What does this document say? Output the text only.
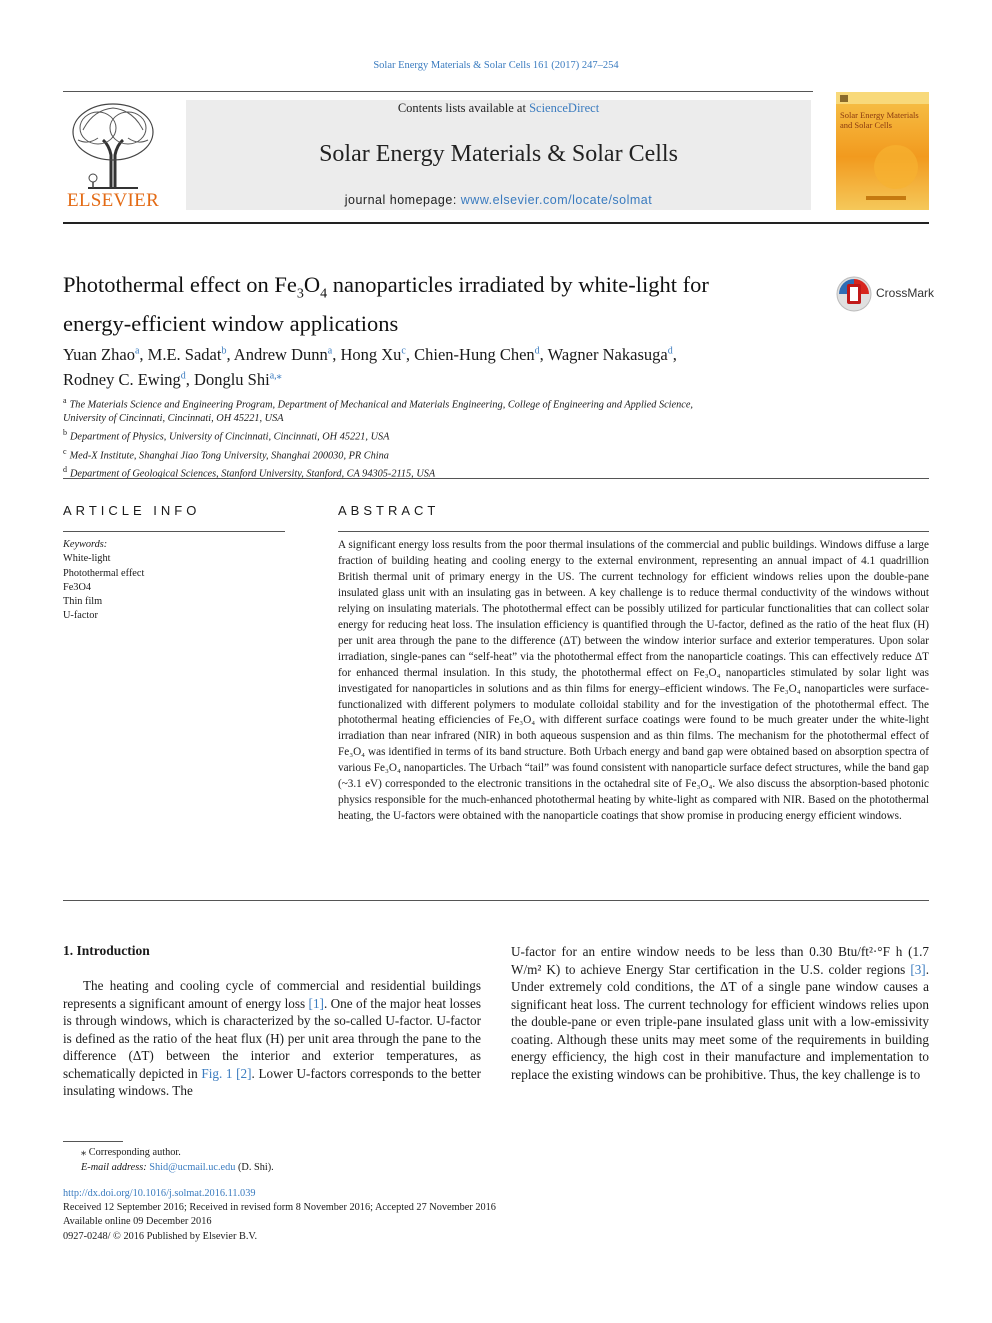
Solar Energy Materials & Solar Cells 161 (2017) 247–254
ELSEVIER
Contents lists available at ScienceDirect
Solar Energy Materials & Solar Cells
journal homepage: www.elsevier.com/locate/solmat
Solar Energy Materials
and Solar Cells
Photothermal effect on $Fe_3O_4$ nanoparticles irradiated by white-light for
energy-efficient window applications
CrossMark
Yuan Zhao$^a$, M.E. Sadat$^b$, Andrew Dunn$^a$, Hong Xu$^c$, Chien-Hung Chen$^d$, Wagner Nakasuga$^d$,
Rodney C. Ewing$^d$, Donglu Shi$^{a,⁎}$
$^a$ The Materials Science and Engineering Program, Department of Mechanical and Materials Engineering, College of Engineering and Applied Science,
University of Cincinnati, Cincinnati, OH 45221, USA
$^b$ Department of Physics, University of Cincinnati, Cincinnati, OH 45221, USA
$^c$ Med-X Institute, Shanghai Jiao Tong University, Shanghai 200030, PR China
$^d$ Department of Geological Sciences, Stanford University, Stanford, CA 94305-2115, USA
ARTICLE INFO
Keywords:
White-light
Photothermal effect
Fe3O4
Thin film
U-factor
ABSTRACT
A significant energy loss results from the poor thermal insulations of the commercial and public buildings. Windows diffuse a large fraction of building heating and cooling energy to the external environment, representing an annual impact of 4.1 quadrillion British thermal unit of primary energy in the US. The current technology for efficient windows relies upon the double-pane insulated glass unit with an insulating gas in between. A key challenge is to reduce thermal conductivity of the windows without relying on insulating materials. The photothermal effect can be possibly utilized for particular functionalities that can collect solar energy for reducing heat loss. The insulation efficiency is quantified through the U-factor, defined as the ratio of the heat flux (H) per unit area through the pane to the difference (ΔT) between the window interior surface and exterior temperatures. Upon solar irradiation, single-panes can “self-heat” via the photothermal effect from the nanoparticle coatings. This can effectively reduce ΔT for enhanced thermal insulation. In this study, the photothermal effect on Fe₃O₄ nanoparticles stimulated by solar light was investigated for nanoparticles in solutions and as thin films for energy–efficient windows. The Fe₃O₄ nanoparticles were surface-functionalized with different polymers to modulate colloidal stability and for the investigation of the photothermal effect. The photothermal heating efficiencies of Fe₃O₄ with different surface coatings were found to be much greater under the white-light irradiation than near infrared (NIR) in both aqueous suspension and as thin films. The mechanism for the photothermal effect of Fe₃O₄ was identified in terms of its band structure. Both Urbach energy and band gap were obtained based on absorption spectra of various Fe₃O₄ nanoparticles. The Urbach “tail” was found consistent with nanoparticle surface defect structures, while the band gap (~3.1 eV) corresponded to the electronic transitions in the octahedral site of Fe₃O₄. We also discuss the absorption-based photonic physics responsible for the much-enhanced photothermal heating by white-light as compared with NIR. Based on the photothermal heating, the U-factors were obtained with the nanoparticle coatings that show promise in producing energy efficient windows.
1. Introduction

The heating and cooling cycle of commercial and residential buildings represents a significant amount of energy loss [1]. One of the major heat losses is through windows, which is characterized by the so-called U-factor. U-factor is defined as the ratio of the heat flux (H) per unit area through the pane to the difference (ΔT) between the interior and exterior temperatures, as schematically depicted in Fig. 1 [2]. Lower U-factors corresponds to the better insulating windows. The

U-factor for an entire window needs to be less than 0.30 Btu/ft²·°F h (1.7 W/m² K) to achieve Energy Star certification in the U.S. colder regions [3]. Under extremely cold conditions, the ΔT of a single pane window causes a significant heat loss. The current technology for efficient windows relies upon the double-pane or even triple-pane insulated glass unit with a low-emissivity coating. Although these units may meet some of the requirements in building energy efficiency, the high cost in their manufacture and implementation to replace the existing windows can be prohibitive. Thus, the key challenge is to

⁎ Corresponding author.
E-mail address: Shid@ucmail.uc.edu (D. Shi).
http://dx.doi.org/10.1016/j.solmat.2016.11.039
Received 12 September 2016; Received in revised form 8 November 2016; Accepted 27 November 2016
Available online 09 December 2016
0927-0248/ © 2016 Published by Elsevier B.V.
